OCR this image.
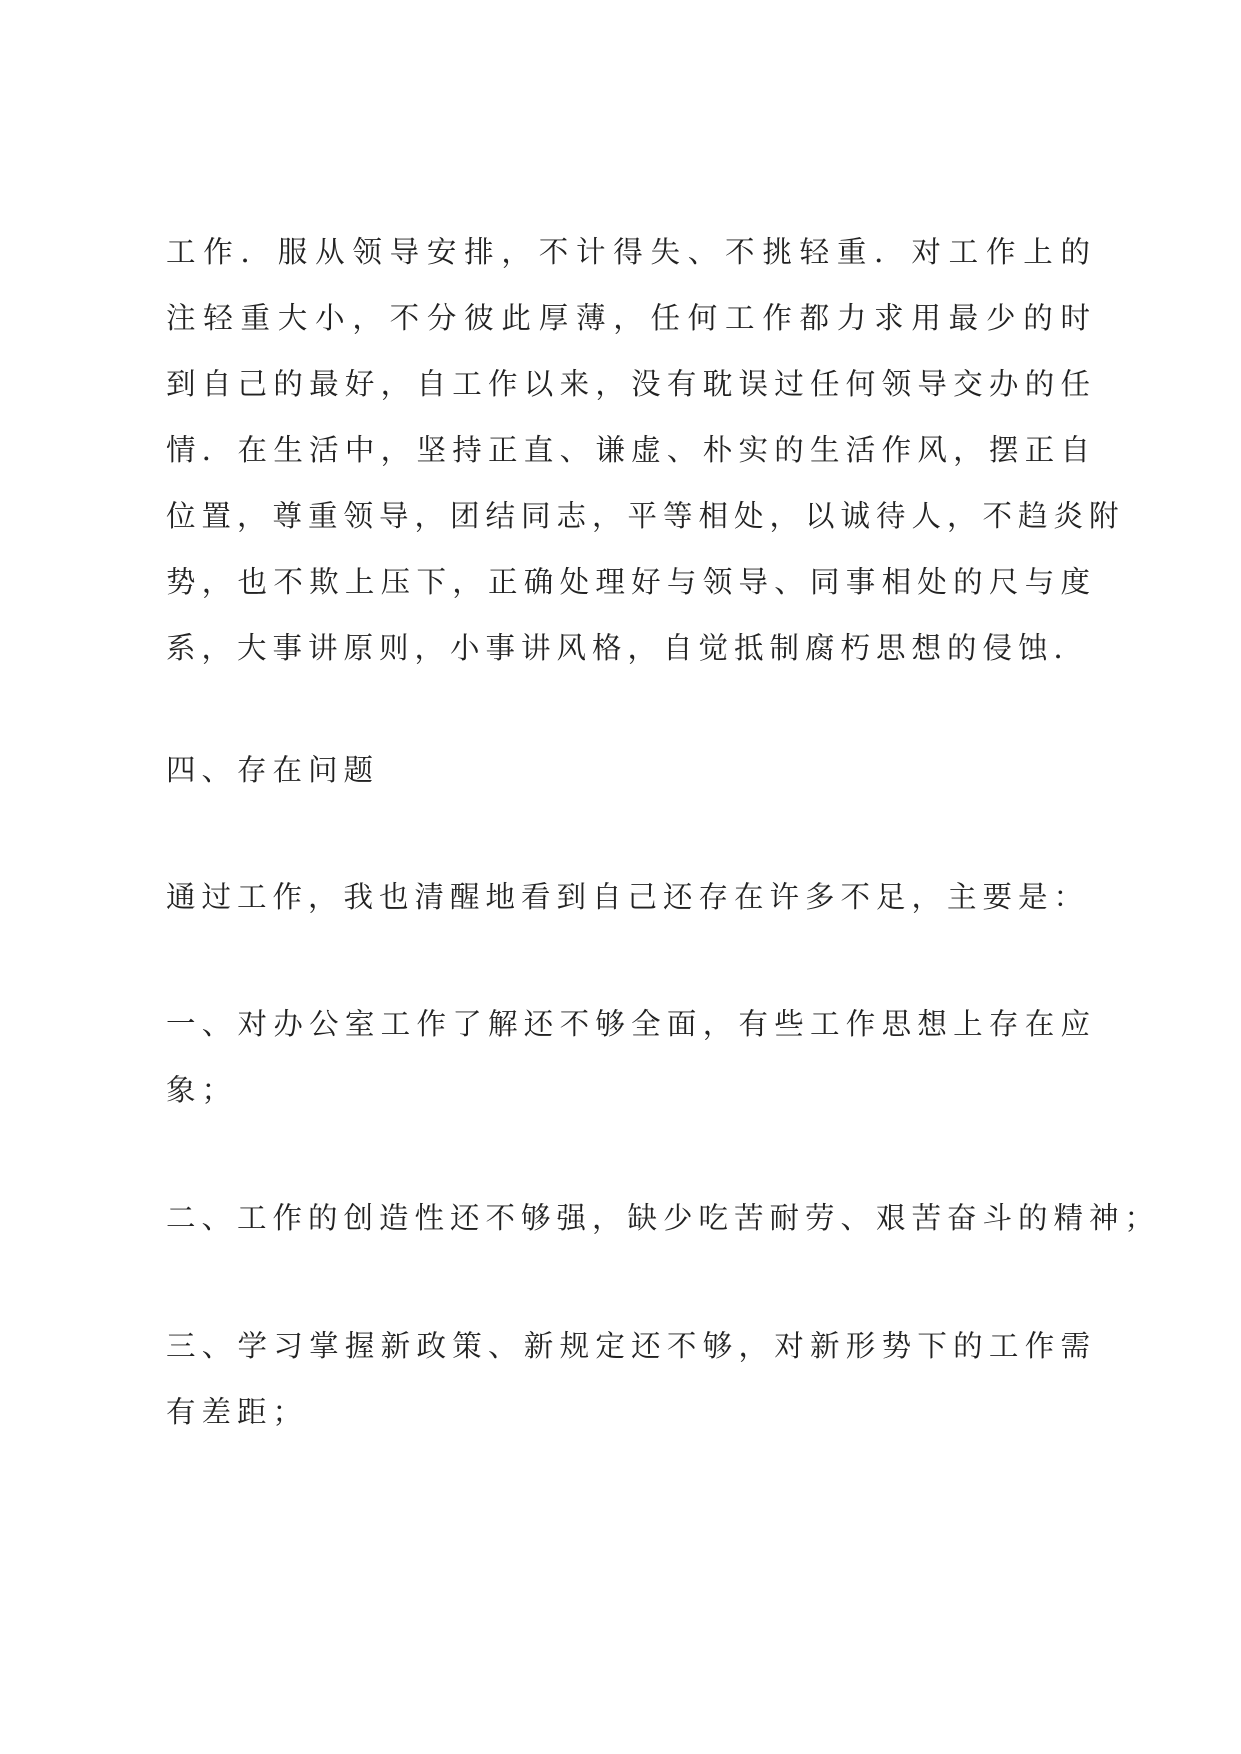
工作．服从领导安排，不计得失、不挑轻重．对工作上的
注轻重大小，不分彼此厚薄，任何工作都力求用最少的时
到自己的最好，自工作以来，没有耽误过任何领导交办的任
情．在生活中，坚持正直、谦虚、朴实的生活作风，摆正自
位置，尊重领导，团结同志，平等相处，以诚待人，不趋炎附
势，也不欺上压下，正确处理好与领导、同事相处的尺与度
系，大事讲原则，小事讲风格，自觉抵制腐朽思想的侵蚀．
四、存在问题
通过工作，我也清醒地看到自己还存在许多不足，主要是：
一、对办公室工作了解还不够全面，有些工作思想上存在应
象；
二、工作的创造性还不够强，缺少吃苦耐劳、艰苦奋斗的精神；
三、学习掌握新政策、新规定还不够，对新形势下的工作需
有差距；
